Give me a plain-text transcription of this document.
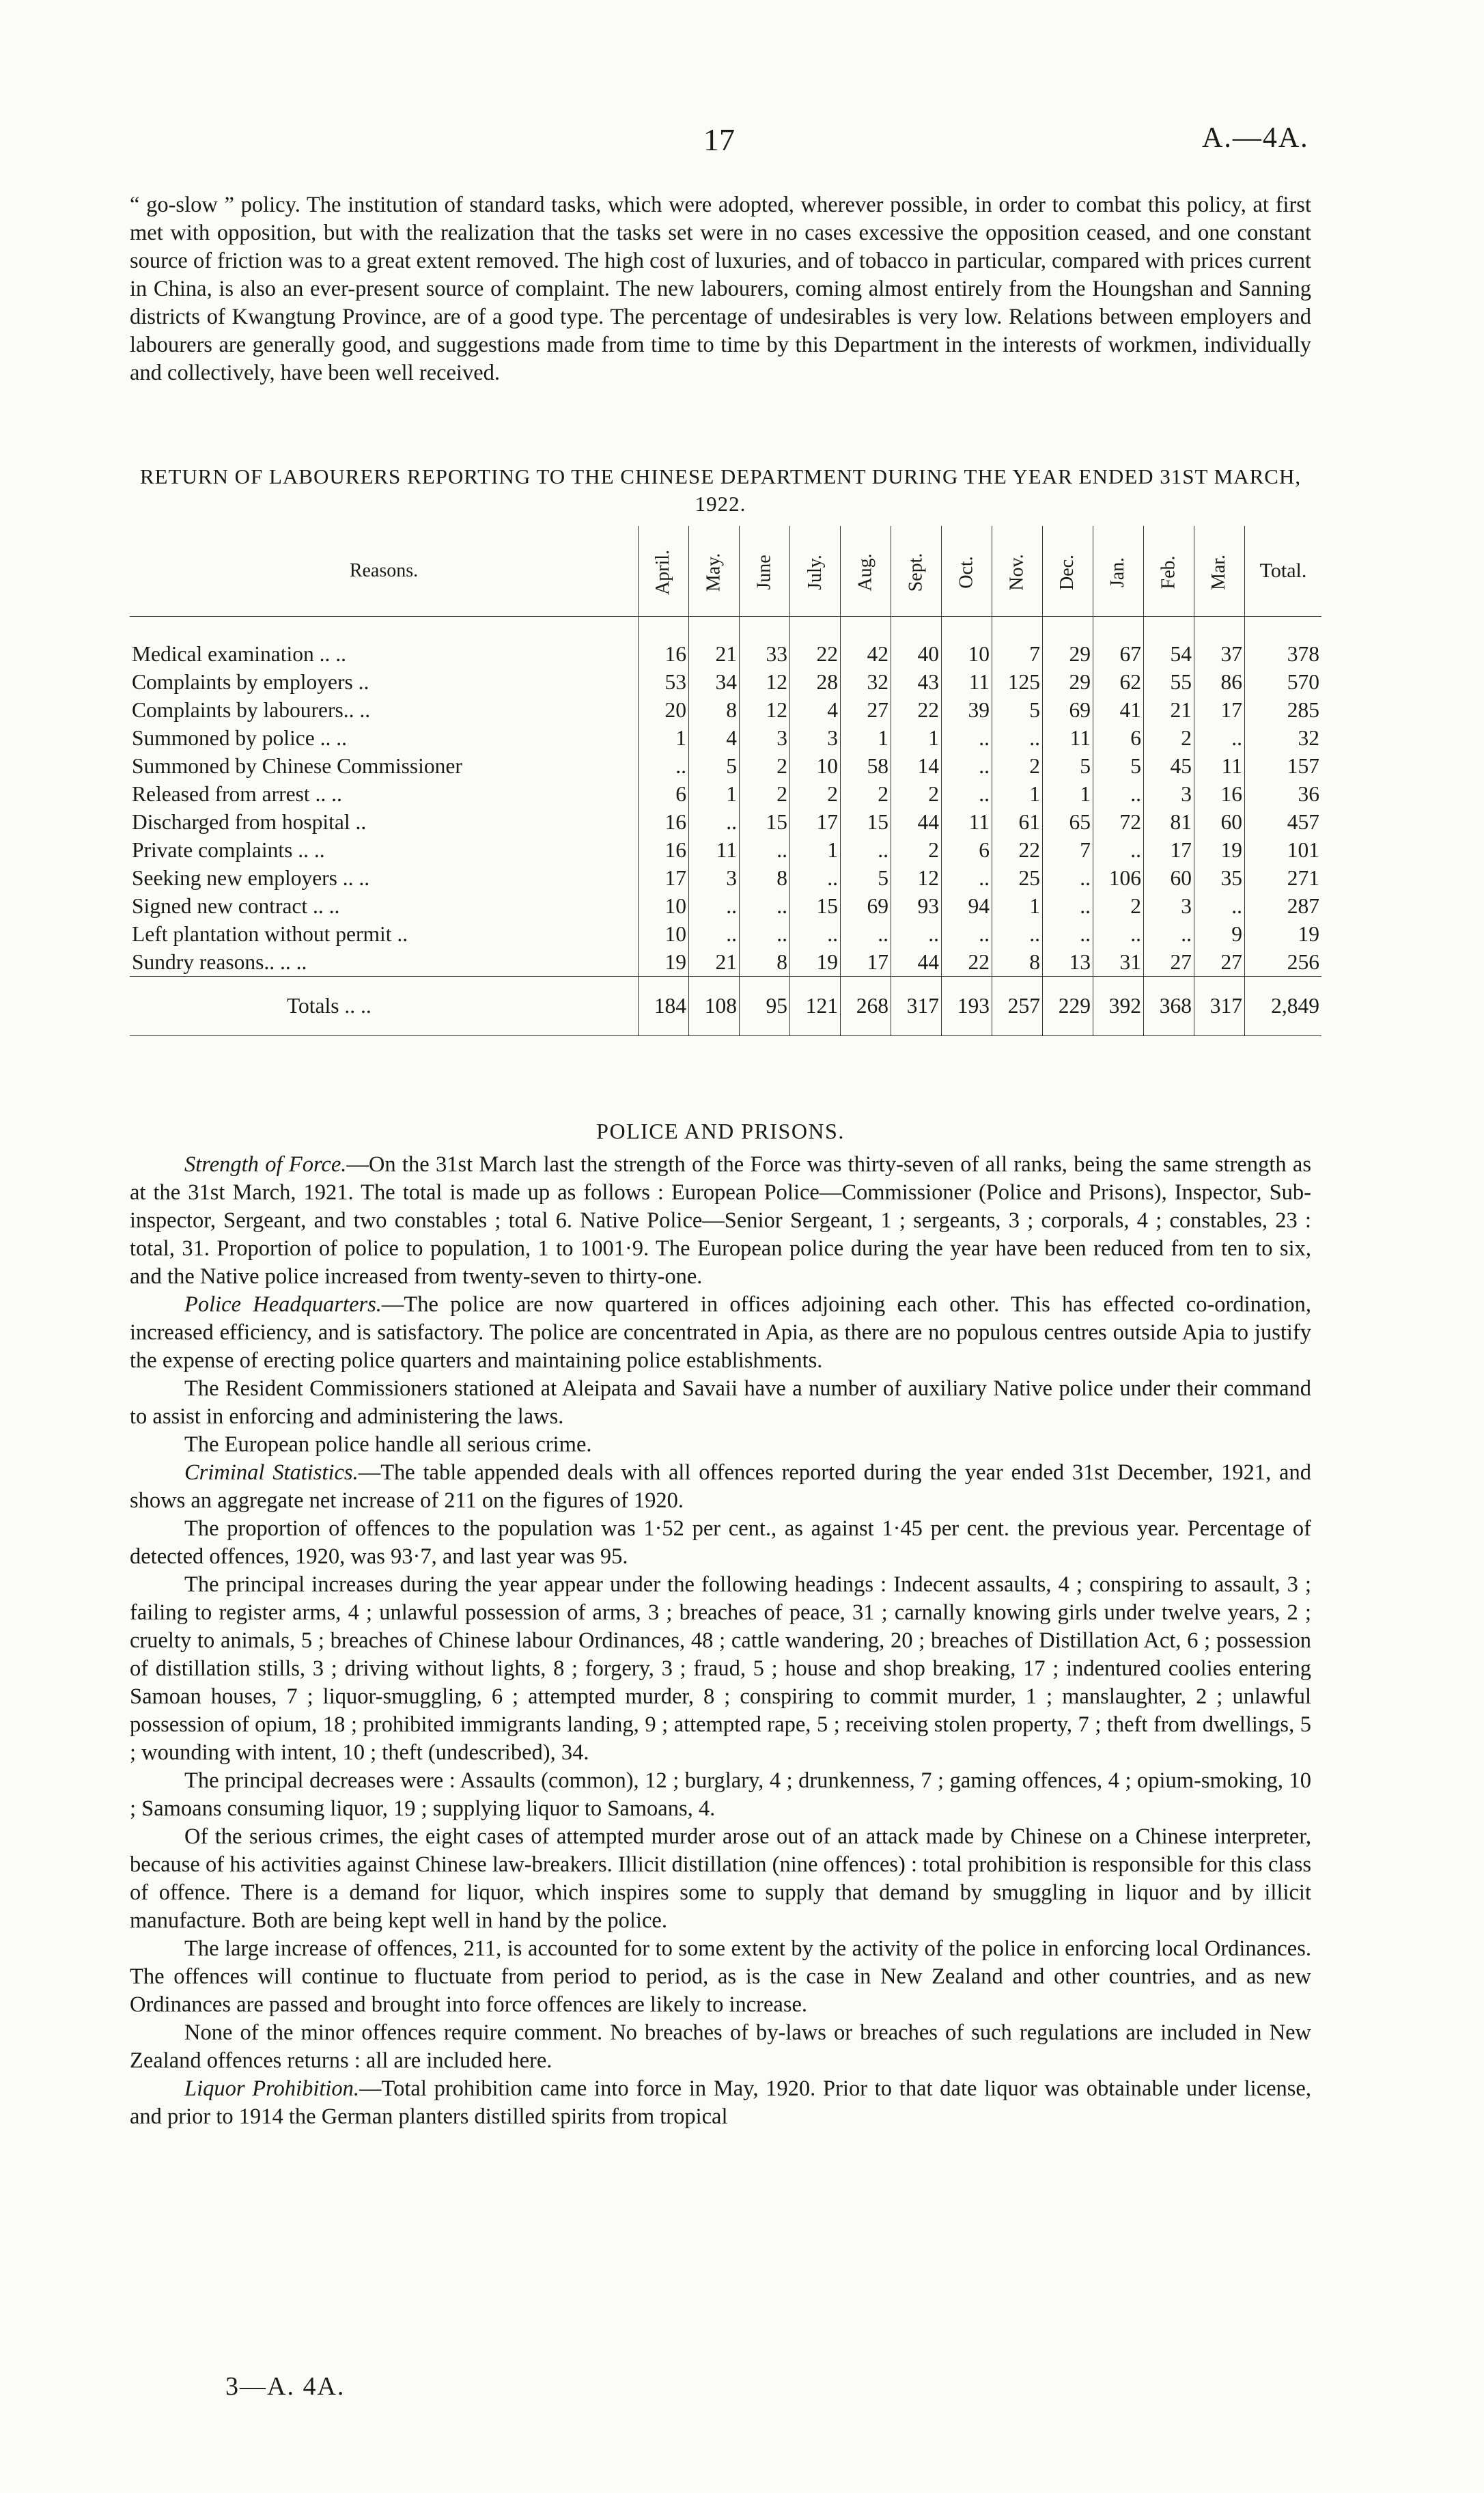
17	A.—4A.

“ go-slow ” policy. The institution of standard tasks, which were adopted, wherever possible, in order to combat this policy, at first met with opposition, but with the realization that the tasks set were in no cases excessive the opposition ceased, and one constant source of friction was to a great extent removed. The high cost of luxuries, and of tobacco in particular, compared with prices current in China, is also an ever-present source of complaint. The new labourers, coming almost entirely from the Houngshan and Sanning districts of Kwangtung Province, are of a good type. The percentage of undesirables is very low. Relations between employers and labourers are generally good, and suggestions made from time to time by this Department in the interests of workmen, individually and collectively, have been well received.

RETURN OF LABOURERS REPORTING TO THE CHINESE DEPARTMENT DURING THE YEAR ENDED 31ST MARCH, 1922.
Reasons.	April.	May.	June	July.	Aug.	Sept.	Oct.	Nov.	Dec.	Jan.	Feb.	Mar.	Total.
Medical examination .. ..	16	21	33	22	42	40	10	7	29	67	54	37	378
Complaints by employers ..	53	34	12	28	32	43	11	125	29	62	55	86	570
Complaints by labourers.. ..	20	8	12	4	27	22	39	5	69	41	21	17	285
Summoned by police .. ..	1	4	3	3	1	1	..	..	11	6	2	..	32
Summoned by Chinese Commissioner	..	5	2	10	58	14	..	2	5	5	45	11	157
Released from arrest .. ..	6	1	2	2	2	2	..	1	1	..	3	16	36
Discharged from hospital ..	16	..	15	17	15	44	11	61	65	72	81	60	457
Private complaints .. ..	16	11	..	1	..	2	6	22	7	..	17	19	101
Seeking new employers .. ..	17	3	8	..	5	12	..	25	..	106	60	35	271
Signed new contract .. ..	10	..	..	15	69	93	94	1	..	2	3	..	287
Left plantation without permit ..	10	..	..	..	..	..	..	..	..	..	..	9	19
Sundry reasons.. .. ..	19	21	8	19	17	44	22	8	13	31	27	27	256
Totals .. ..	184	108	95	121	268	317	193	257	229	392	368	317	2,849
POLICE AND PRISONS.

Strength of Force.—On the 31st March last the strength of the Force was thirty-seven of all ranks, being the same strength as at the 31st March, 1921. The total is made up as follows : European Police—Commissioner (Police and Prisons), Inspector, Sub-inspector, Sergeant, and two constables ; total 6. Native Police—Senior Sergeant, 1 ; sergeants, 3 ; corporals, 4 ; constables, 23 : total, 31. Proportion of police to population, 1 to 1001·9. The European police during the year have been reduced from ten to six, and the Native police increased from twenty-seven to thirty-one.

Police Headquarters.—The police are now quartered in offices adjoining each other. This has effected co-ordination, increased efficiency, and is satisfactory. The police are concentrated in Apia, as there are no populous centres outside Apia to justify the expense of erecting police quarters and maintaining police establishments.

The Resident Commissioners stationed at Aleipata and Savaii have a number of auxiliary Native police under their command to assist in enforcing and administering the laws.

The European police handle all serious crime.

Criminal Statistics.—The table appended deals with all offences reported during the year ended 31st December, 1921, and shows an aggregate net increase of 211 on the figures of 1920.

The proportion of offences to the population was 1·52 per cent., as against 1·45 per cent. the previous year. Percentage of detected offences, 1920, was 93·7, and last year was 95.

The principal increases during the year appear under the following headings : Indecent assaults, 4 ; conspiring to assault, 3 ; failing to register arms, 4 ; unlawful possession of arms, 3 ; breaches of peace, 31 ; carnally knowing girls under twelve years, 2 ; cruelty to animals, 5 ; breaches of Chinese labour Ordinances, 48 ; cattle wandering, 20 ; breaches of Distillation Act, 6 ; possession of distillation stills, 3 ; driving without lights, 8 ; forgery, 3 ; fraud, 5 ; house and shop breaking, 17 ; indentured coolies entering Samoan houses, 7 ; liquor-smuggling, 6 ; attempted murder, 8 ; conspiring to commit murder, 1 ; manslaughter, 2 ; unlawful possession of opium, 18 ; prohibited immigrants landing, 9 ; attempted rape, 5 ; receiving stolen property, 7 ; theft from dwellings, 5 ; wounding with intent, 10 ; theft (undescribed), 34.

The principal decreases were : Assaults (common), 12 ; burglary, 4 ; drunkenness, 7 ; gaming offences, 4 ; opium-smoking, 10 ; Samoans consuming liquor, 19 ; supplying liquor to Samoans, 4.

Of the serious crimes, the eight cases of attempted murder arose out of an attack made by Chinese on a Chinese interpreter, because of his activities against Chinese law-breakers. Illicit distillation (nine offences) : total prohibition is responsible for this class of offence. There is a demand for liquor, which inspires some to supply that demand by smuggling in liquor and by illicit manufacture. Both are being kept well in hand by the police.

The large increase of offences, 211, is accounted for to some extent by the activity of the police in enforcing local Ordinances. The offences will continue to fluctuate from period to period, as is the case in New Zealand and other countries, and as new Ordinances are passed and brought into force offences are likely to increase.

None of the minor offences require comment. No breaches of by-laws or breaches of such regulations are included in New Zealand offences returns : all are included here.

Liquor Prohibition.—Total prohibition came into force in May, 1920. Prior to that date liquor was obtainable under license, and prior to 1914 the German planters distilled spirits from tropical

3—A. 4A.
